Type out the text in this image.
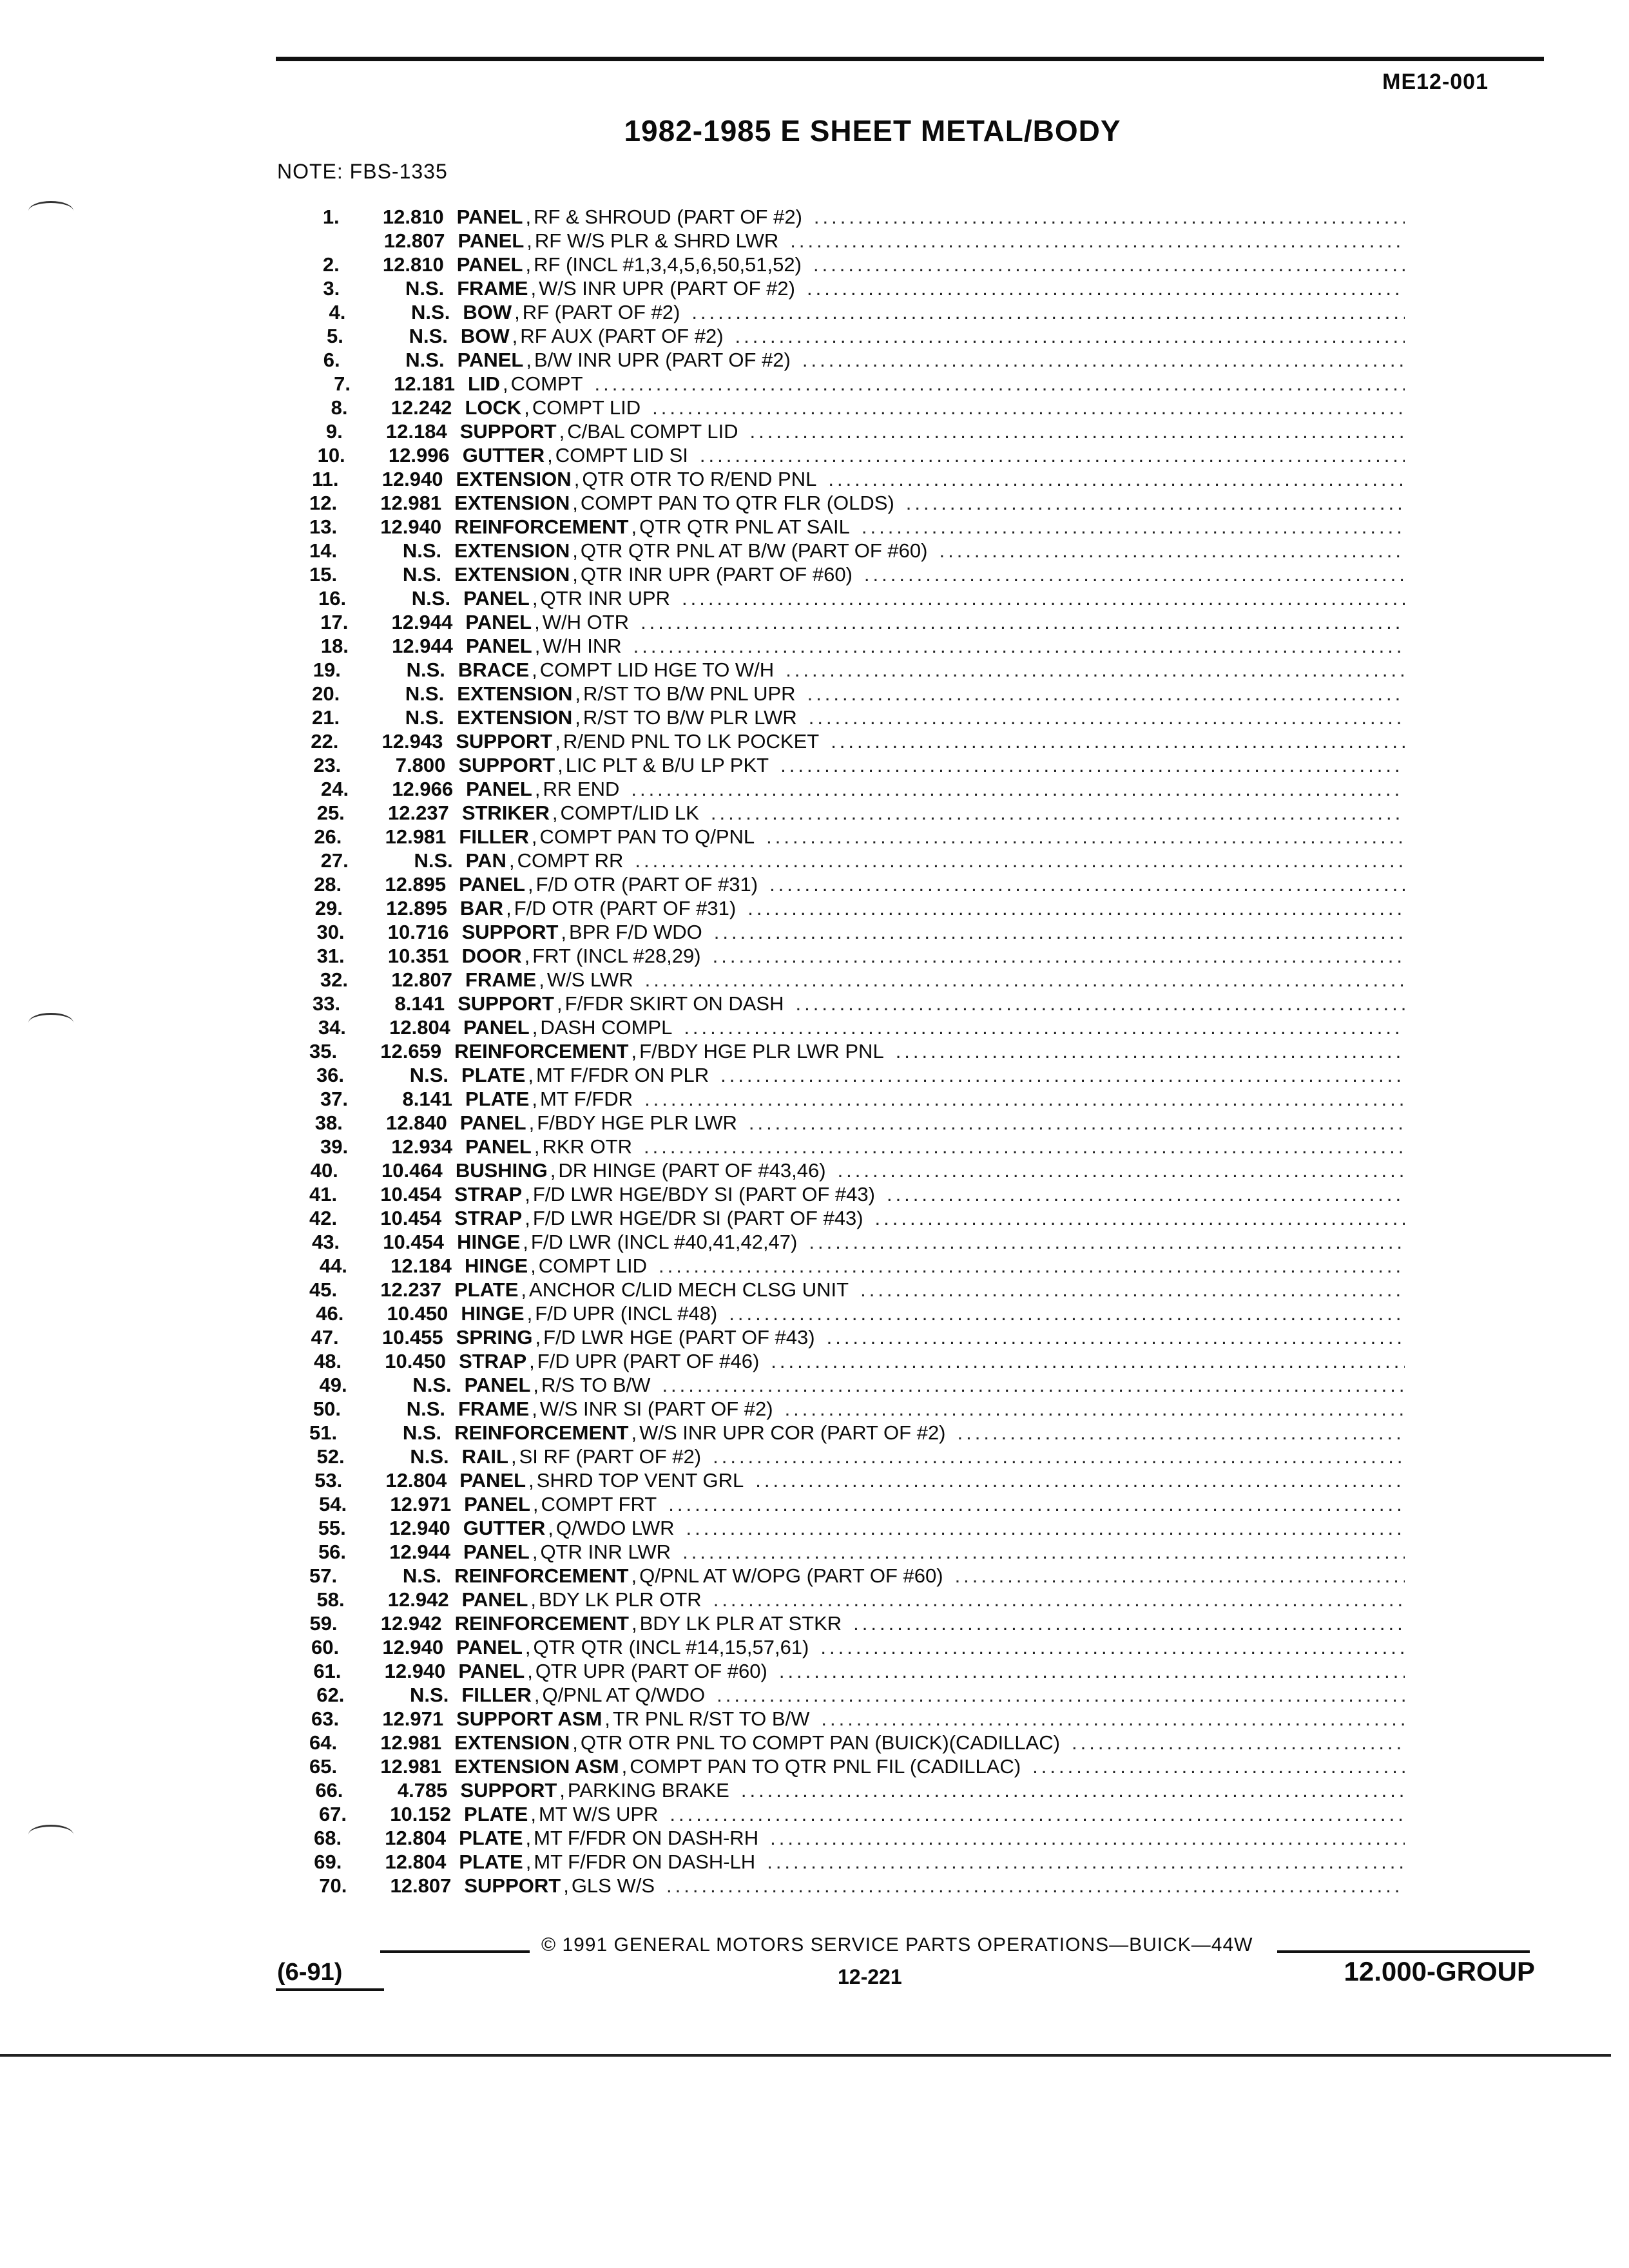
ME12-001
1982-1985 E SHEET METAL/BODY
NOTE: FBS-1335
1.	12.810 PANEL , RF & SHROUD (PART OF #2)
.....
12.807 PANEL , RF W/S PLR & SHRD LWR
.....
2.	12.810 PANEL , RF (INCL #1,3,4,5,6,50,51,52)
.....
3.	N.S. FRAME , W/S INR UPR (PART OF #2)
.....
4.	N.S. BOW , RF (PART OF #2)
.....
5.	N.S. BOW , RF AUX (PART OF #2)
.....
6.	N.S. PANEL , B/W INR UPR (PART OF #2)
.....
7.	12.181 LID , COMPT
.....
8.	12.242 LOCK , COMPT LID
.....
9.	12.184 SUPPORT , C/BAL COMPT LID
.....
10.	12.996 GUTTER , COMPT LID SI
.....
11.	12.940 EXTENSION , QTR OTR TO R/END PNL
.....
12.	12.981 EXTENSION , COMPT PAN TO QTR FLR (OLDS)
.....
13.	12.940 REINFORCEMENT , QTR QTR PNL AT SAIL
.....
14.	N.S. EXTENSION , QTR QTR PNL AT B/W (PART OF #60)
.....
15.	N.S. EXTENSION , QTR INR UPR (PART OF #60)
.....
16.	N.S. PANEL , QTR INR UPR
.....
17.	12.944 PANEL , W/H OTR
.....
18.	12.944 PANEL , W/H INR
.....
19.	N.S. BRACE , COMPT LID HGE TO W/H
.....
20.	N.S. EXTENSION , R/ST TO B/W PNL UPR
.....
21.	N.S. EXTENSION , R/ST TO B/W PLR LWR
.....
22.	12.943 SUPPORT , R/END PNL TO LK POCKET
.....
23.	7.800 SUPPORT , LIC PLT & B/U LP PKT
.....
24.	12.966 PANEL , RR END
.....
25.	12.237 STRIKER , COMPT/LID LK
.....
26.	12.981 FILLER , COMPT PAN TO Q/PNL
.....
27.	N.S. PAN , COMPT RR
.....
28.	12.895 PANEL , F/D OTR (PART OF #31)
.....
29.	12.895 BAR , F/D OTR (PART OF #31)
.....
30.	10.716 SUPPORT , BPR F/D WDO
.....
31.	10.351 DOOR , FRT (INCL #28,29)
.....
32.	12.807 FRAME , W/S LWR
.....
33.	8.141 SUPPORT , F/FDR SKIRT ON DASH
.....
34.	12.804 PANEL , DASH COMPL
.....
35.	12.659 REINFORCEMENT , F/BDY HGE PLR LWR PNL
.....
36.	N.S. PLATE , MT F/FDR ON PLR
.....
37.	8.141 PLATE , MT F/FDR
.....
38.	12.840 PANEL , F/BDY HGE PLR LWR
.....
39.	12.934 PANEL , RKR OTR
.....
40.	10.464 BUSHING , DR HINGE (PART OF #43,46)
.....
41.	10.454 STRAP , F/D LWR HGE/BDY SI (PART OF #43)
.....
42.	10.454 STRAP , F/D LWR HGE/DR SI (PART OF #43)
.....
43.	10.454 HINGE , F/D LWR (INCL #40,41,42,47)
.....
44.	12.184 HINGE , COMPT LID
.....
45.	12.237 PLATE , ANCHOR C/LID MECH CLSG UNIT
.....
46.	10.450 HINGE , F/D UPR (INCL #48)
.....
47.	10.455 SPRING , F/D LWR HGE (PART OF #43)
.....
48.	10.450 STRAP , F/D UPR (PART OF #46)
.....
49.	N.S. PANEL , R/S TO B/W
.....
50.	N.S. FRAME , W/S INR SI (PART OF #2)
.....
51.	N.S. REINFORCEMENT , W/S INR UPR COR (PART OF #2)
.....
52.	N.S. RAIL , SI RF (PART OF #2)
.....
53.	12.804 PANEL , SHRD TOP VENT GRL
.....
54.	12.971 PANEL , COMPT FRT
.....
55.	12.940 GUTTER , Q/WDO LWR
.....
56.	12.944 PANEL , QTR INR LWR
.....
57.	N.S. REINFORCEMENT , Q/PNL AT W/OPG (PART OF #60)
.....
58.	12.942 PANEL , BDY LK PLR OTR
.....
59.	12.942 REINFORCEMENT , BDY LK PLR AT STKR
.....
60.	12.940 PANEL , QTR QTR (INCL #14,15,57,61)
.....
61.	12.940 PANEL , QTR UPR (PART OF #60)
.....
62.	N.S. FILLER , Q/PNL AT Q/WDO
.....
63.	12.971 SUPPORT ASM , TR PNL R/ST TO B/W
.....
64.	12.981 EXTENSION , QTR OTR PNL TO COMPT PAN (BUICK)(CADILLAC)
.....
65.	12.981 EXTENSION ASM , COMPT PAN TO QTR PNL FIL (CADILLAC)
.....
66.	4.785 SUPPORT , PARKING BRAKE
.....
67.	10.152 PLATE , MT W/S UPR
.....
68.	12.804 PLATE , MT F/FDR ON DASH-RH
.....
69.	12.804 PLATE , MT F/FDR ON DASH-LH
.....
70.	12.807 SUPPORT , GLS W/S
.....
© 1991 GENERAL MOTORS SERVICE PARTS OPERATIONS—BUICK—44W
(6-91)	12-221	12.000-GROUP
